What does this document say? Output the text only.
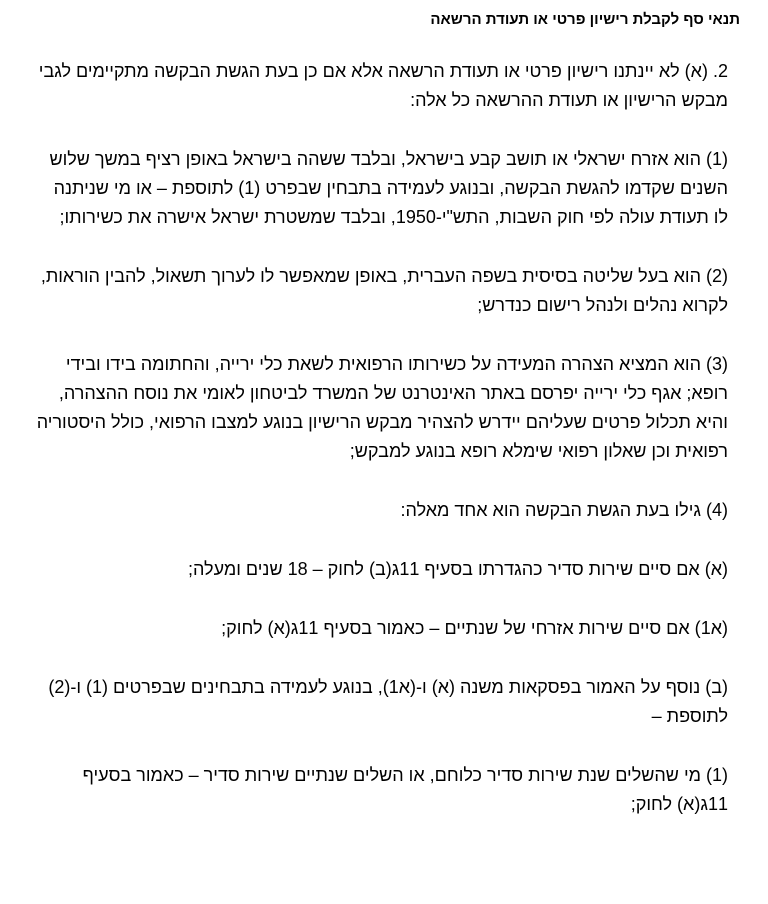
תנאי סף לקבלת רישיון פרטי או תעודת הרשאה

2. (א) לא יינתנו רישיון פרטי או תעודת הרשאה אלא אם כן בעת הגשת הבקשה מתקיימים לגבי מבקש הרישיון או תעודת ההרשאה כל אלה:

(1) הוא אזרח ישראלי או תושב קבע בישראל, ובלבד ששהה בישראל באופן רציף במשך שלוש השנים שקדמו להגשת הבקשה, ובנוגע לעמידה בתבחין שבפרט (1) לתוספת – או מי שניתנה לו תעודת עולה לפי חוק השבות, התש"י-1950, ובלבד שמשטרת ישראל אישרה את כשירותו;

(2) הוא בעל שליטה בסיסית בשפה העברית, באופן שמאפשר לו לערוך תשאול, להבין הוראות, לקרוא נהלים ולנהל רישום כנדרש;

(3) הוא המציא הצהרה המעידה על כשירותו הרפואית לשאת כלי ירייה, והחתומה בידו ובידי רופא; אגף כלי ירייה יפרסם באתר האינטרנט של המשרד לביטחון לאומי את נוסח ההצהרה, והיא תכלול פרטים שעליהם יידרש להצהיר מבקש הרישיון בנוגע למצבו הרפואי, כולל היסטוריה רפואית וכן שאלון רפואי שימלא רופא בנוגע למבקש;

(4) גילו בעת הגשת הבקשה הוא אחד מאלה:

(א) אם סיים שירות סדיר כהגדרתו בסעיף 11ג(ב) לחוק – 18 שנים ומעלה;

(א1) אם סיים שירות אזרחי של שנתיים – כאמור בסעיף 11ג(א) לחוק;

(ב) נוסף על האמור בפסקאות משנה (א) ו-(א1), בנוגע לעמידה בתבחינים שבפרטים (1) ו-(2) לתוספת –

(1) מי שהשלים שנת שירות סדיר כלוחם, או השלים שנתיים שירות סדיר – כאמור בסעיף 11ג(א) לחוק;
